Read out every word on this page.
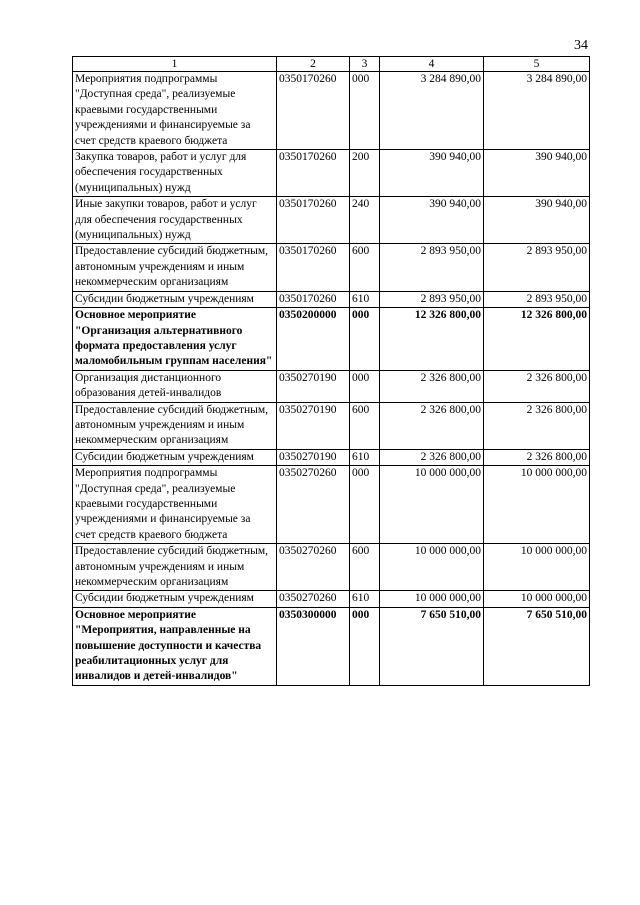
34
1	2	3	4	5
Мероприятия подпрограммы "Доступная среда", реализуемые краевыми государственными учреждениями и финансируемые за счет средств краевого бюджета	0350170260	000	3 284 890,00	3 284 890,00
Закупка товаров, работ и услуг для обеспечения государственных (муниципальных) нужд	0350170260	200	390 940,00	390 940,00
Иные закупки товаров, работ и услуг для обеспечения государственных (муниципальных) нужд	0350170260	240	390 940,00	390 940,00
Предоставление субсидий бюджетным, автономным учреждениям и иным некоммерческим организациям	0350170260	600	2 893 950,00	2 893 950,00
Субсидии бюджетным учреждениям	0350170260	610	2 893 950,00	2 893 950,00
Основное мероприятие "Организация альтернативного формата предоставления услуг маломобильным группам населения"	0350200000	000	12 326 800,00	12 326 800,00
Организация дистанционного образования детей-инвалидов	0350270190	000	2 326 800,00	2 326 800,00
Предоставление субсидий бюджетным, автономным учреждениям и иным некоммерческим организациям	0350270190	600	2 326 800,00	2 326 800,00
Субсидии бюджетным учреждениям	0350270190	610	2 326 800,00	2 326 800,00
Мероприятия подпрограммы "Доступная среда", реализуемые краевыми государственными учреждениями и финансируемые за счет средств краевого бюджета	0350270260	000	10 000 000,00	10 000 000,00
Предоставление субсидий бюджетным, автономным учреждениям и иным некоммерческим организациям	0350270260	600	10 000 000,00	10 000 000,00
Субсидии бюджетным учреждениям	0350270260	610	10 000 000,00	10 000 000,00
Основное мероприятие "Мероприятия, направленные на повышение доступности и качества реабилитационных услуг для инвалидов и детей-инвалидов"	0350300000	000	7 650 510,00	7 650 510,00
